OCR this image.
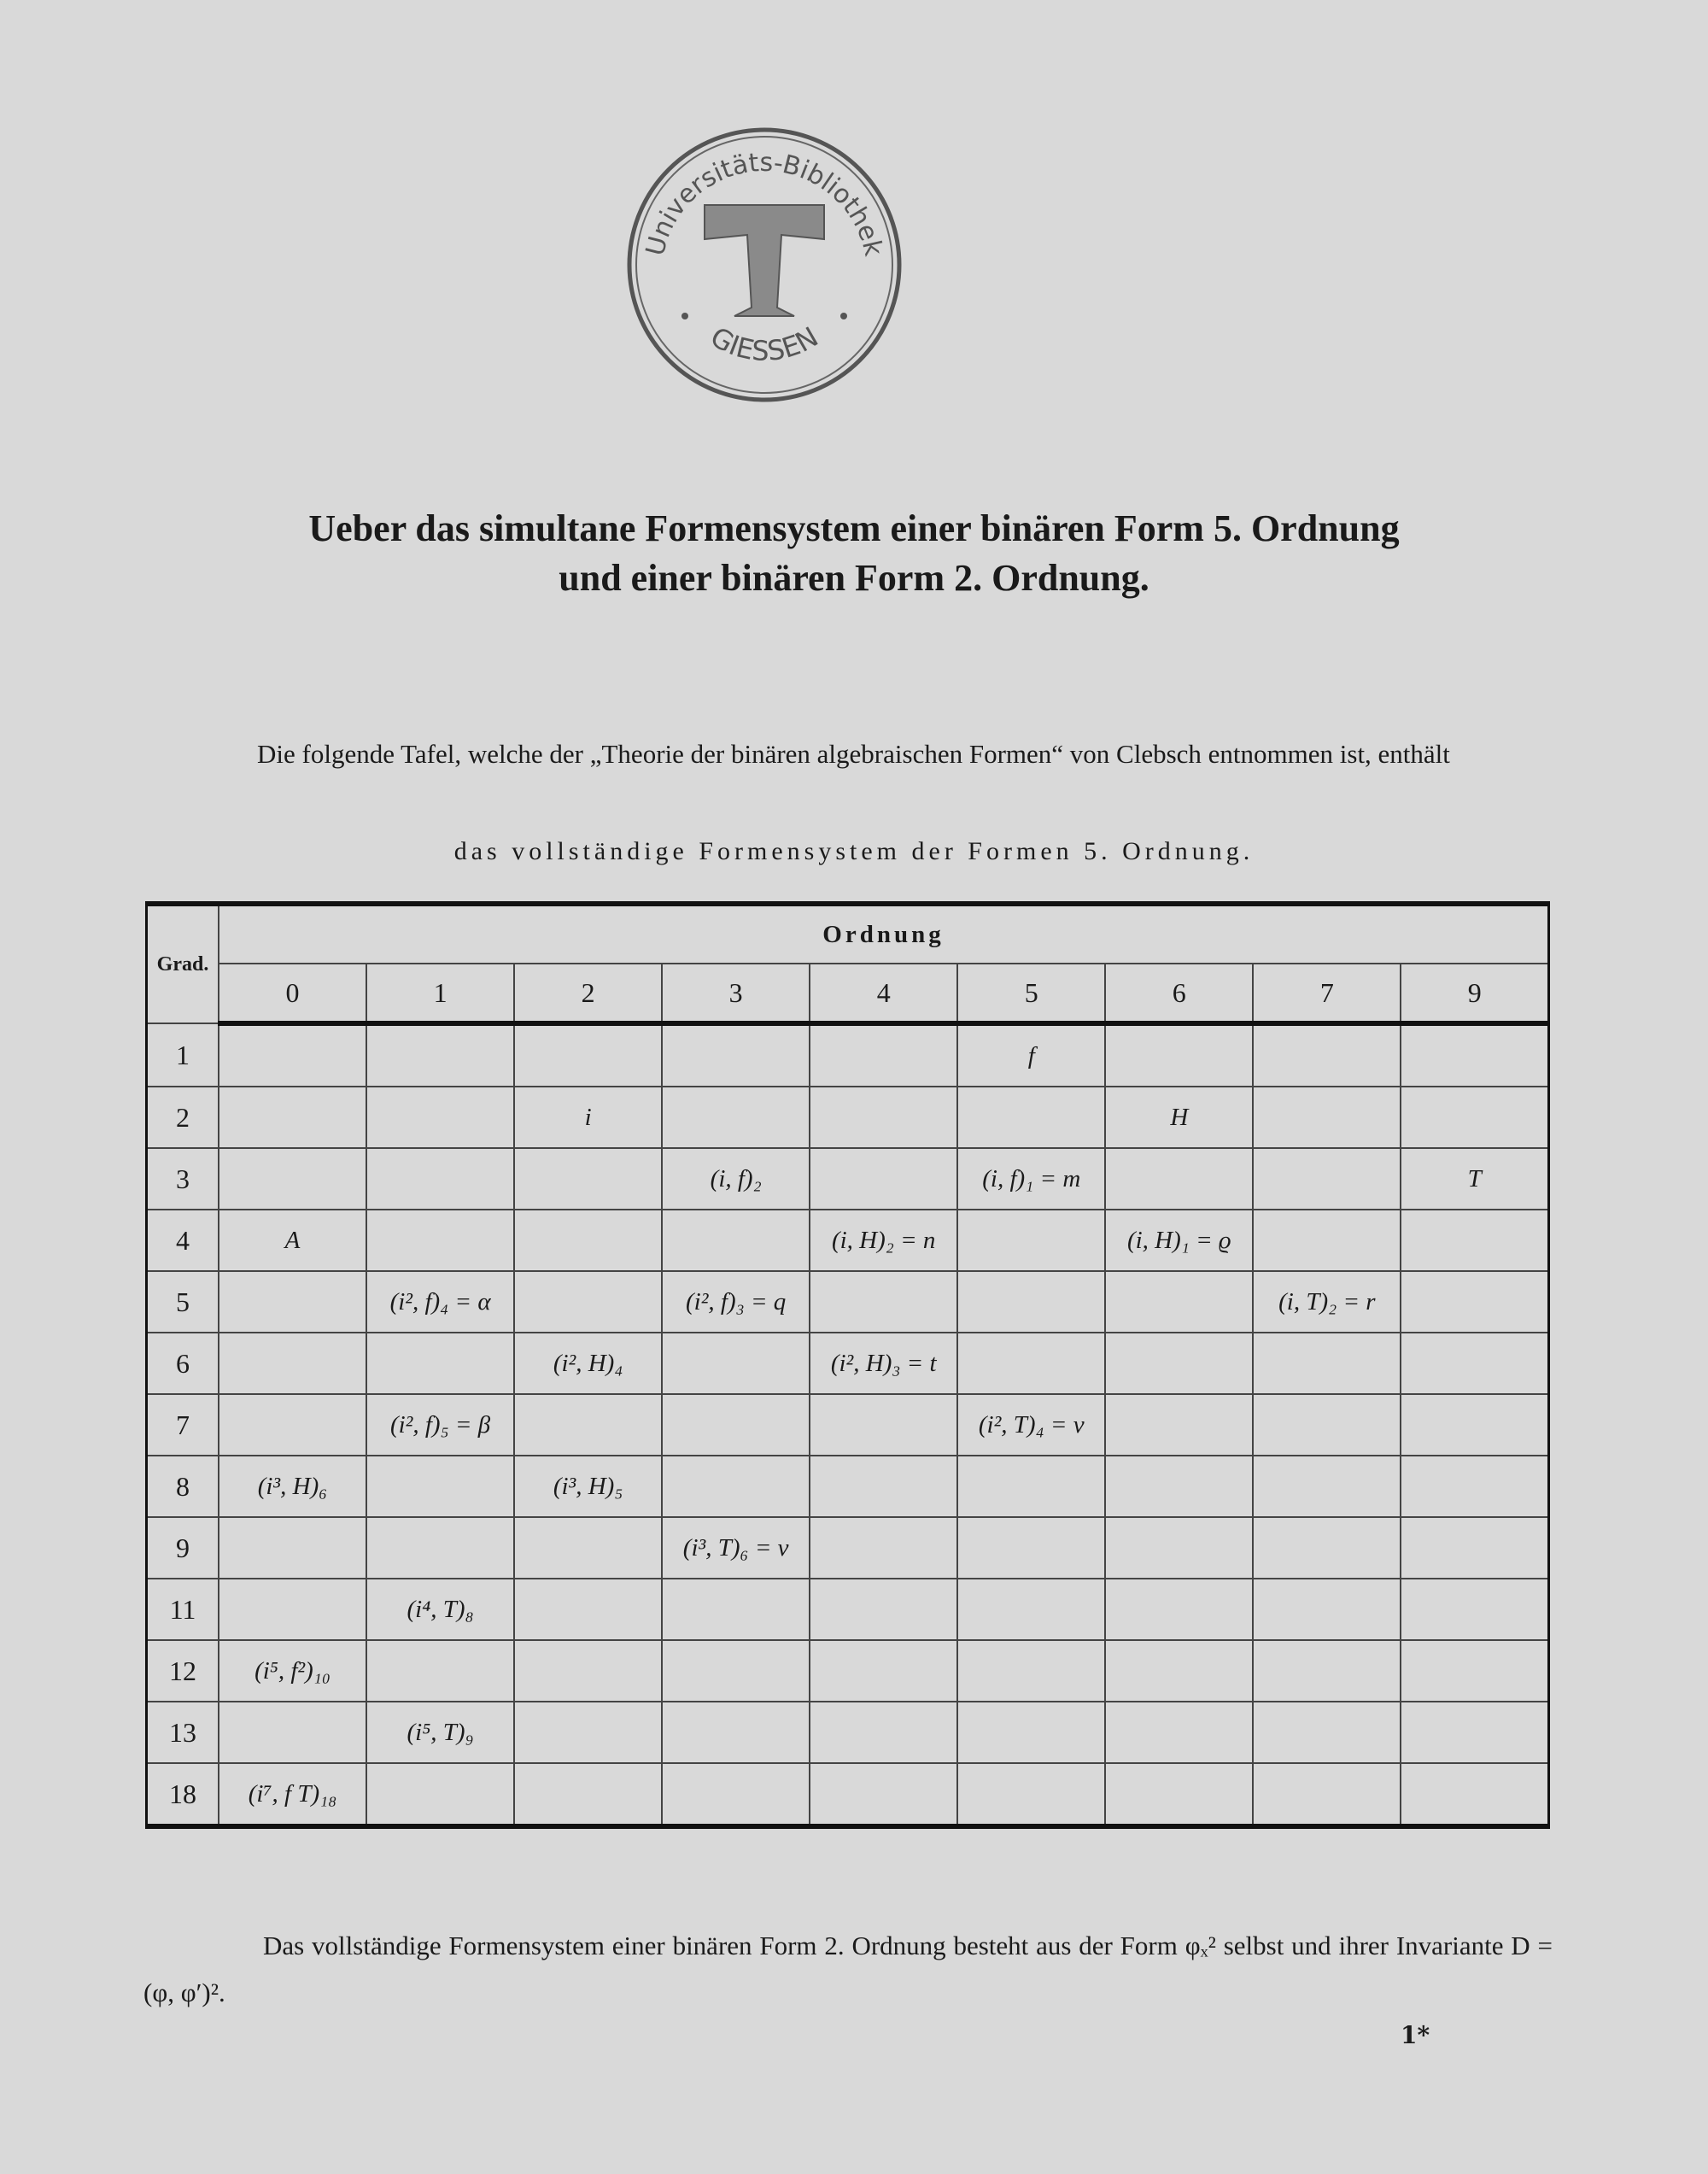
Universitäts-Bibliothek
GIESSEN
Ueber das simultane Formensystem einer binären Form 5. Ordnung
und einer binären Form 2. Ordnung.
Die folgende Tafel, welche der „Theorie der binären algebraischen Formen“ von Clebsch entnommen ist, enthält
das vollständige Formensystem der Formen 5. Ordnung.
Grad.	Ordnung								
	0	1	2	3	4	5	6	7	9
1						f			
2			i				H		
3				(i, f)₂		(i, f)₁ = m			T
4	A				(i, H)₂ = n		(i, H)₁ = ϱ		
5		(i², f)₄ = α		(i², f)₃ = q				(i, T)₂ = r	
6			(i², H)₄		(i², H)₃ = t				
7		(i², f)₅ = β				(i², T)₄ = v			
8	(i³, H)₆		(i³, H)₅						
9				(i³, T)₆ = ν					
11		(i⁴, T)₈							
12	(i⁵, f²)₁₀								
13		(i⁵, T)₉							
18	(i⁷, f T)₁₈								
Das vollständige Formensystem einer binären Form 2. Ordnung besteht aus der Form φₓ² selbst und ihrer Invariante D = (φ, φ′)².
1*
